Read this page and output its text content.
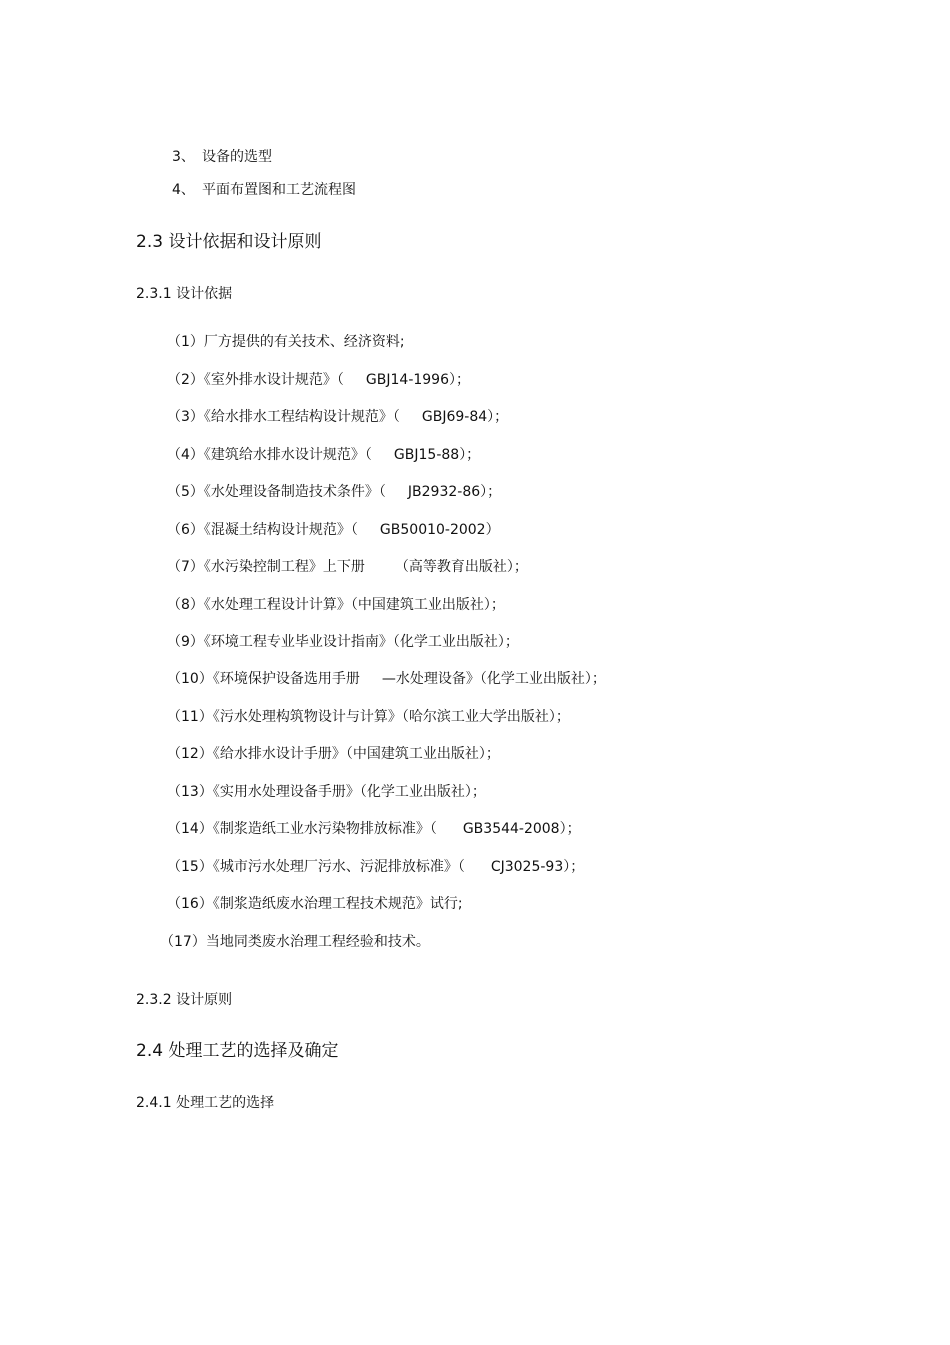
3、 设备的选型
4、 平面布置图和工艺流程图
2.3 设计依据和设计原则
2.3.1 设计依据
（1）厂方提供的有关技术、经济资料;
（2）《室外排水设计规范》（ GBJ14-1996）；
（3）《给水排水工程结构设计规范》（ GBJ69-84）；
（4）《建筑给水排水设计规范》（ GBJ15-88）；
（5）《水处理设备制造技术条件》（ JB2932-86）；
（6）《混凝土结构设计规范》（ GB50010-2002）
（7）《水污染控制工程》上下册 （高等教育出版社）；
（8）《水处理工程设计计算》（中国建筑工业出版社）；
（9）《环境工程专业毕业设计指南》（化学工业出版社）；
（10）《环境保护设备选用手册 —水处理设备》（化学工业出版社）；
（11）《污水处理构筑物设计与计算》（哈尔滨工业大学出版社）；
（12）《给水排水设计手册》（中国建筑工业出版社）；
（13）《实用水处理设备手册》（化学工业出版社）；
（14）《制浆造纸工业水污染物排放标准》（ GB3544-2008）；
（15）《城市污水处理厂污水、污泥排放标准》（ CJ3025-93）；
（16）《制浆造纸废水治理工程技术规范》试行;
（17）当地同类废水治理工程经验和技术。
2.3.2 设计原则
2.4 处理工艺的选择及确定
2.4.1 处理工艺的选择
